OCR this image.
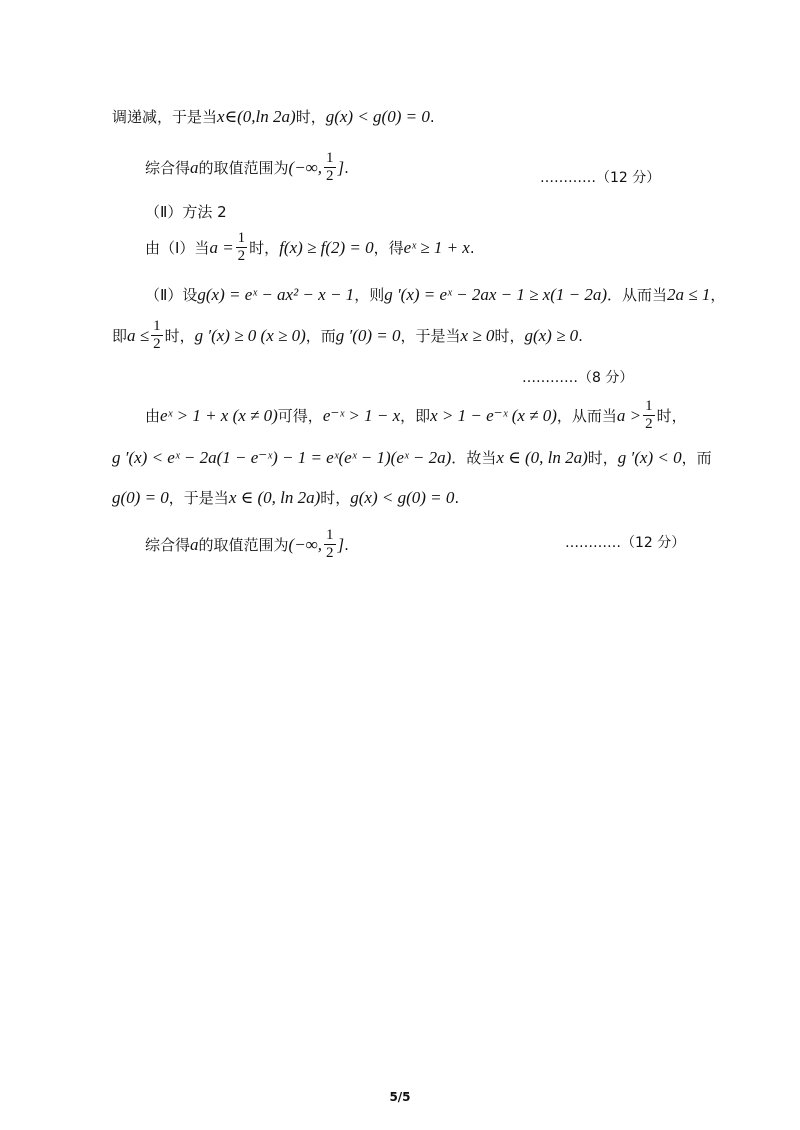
调递减，于是当 x∈(0,ln 2a) 时， g(x) < g(0) = 0 .
综合得 a 的取值范围为 (−∞, $\frac{1}{2}$ ] .
…………（12 分）
（Ⅱ）方法 2
由（Ⅰ）当 $a = \frac{1}{2}$ 时， f(x) ≥ f(2) = 0 ，得 eˣ ≥ 1 + x .
（Ⅱ）设 g(x) = eˣ − ax² − x − 1 ，则 g ′(x) = eˣ − 2ax − 1 ≥ x(1 − 2a) ．从而当 2a ≤ 1 ，
即 $a \le \frac{1}{2}$ 时， g ′(x) ≥ 0 (x ≥ 0) ，而 g ′(0) = 0 ，于是当 x ≥ 0 时， g(x) ≥ 0 .
…………（8 分）
由 eˣ > 1 + x (x ≠ 0) 可得， e⁻ˣ > 1 − x ，即 x > 1 − e⁻ˣ (x ≠ 0) ，从而当 $a > \frac{1}{2}$ 时，
g ′(x) < eˣ − 2a(1 − e⁻ˣ) − 1 = eˣ(eˣ − 1)(eˣ − 2a) ．故当 x ∈ (0, ln 2a) 时， g ′(x) < 0 ，而
g(0) = 0 ，于是当 x ∈ (0, ln 2a) 时， g(x) < g(0) = 0 .
综合得 a 的取值范围为 (−∞, $\frac{1}{2}$ ] .	…………（12 分）
5/5
